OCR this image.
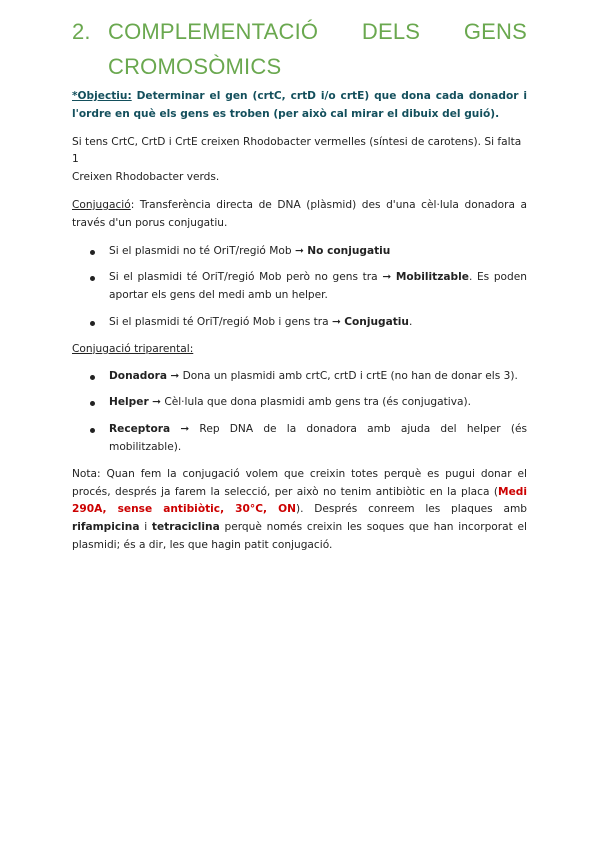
2. COMPLEMENTACIÓ DELS GENS
CROMOSÒMICS

*Objectiu: Determinar el gen (crtC, crtD i/o crtE) que dona cada donador i l'ordre en què els gens es troben (per això cal mirar el dibuix del guió).

Si tens CrtC, CrtD i CrtE creixen Rhodobacter vermelles (síntesi de carotens). Si falta 1
Creixen Rhodobacter verds.

Conjugació: Transferència directa de DNA (plàsmid) des d'una cèl·lula donadora a través d'un porus conjugatiu.

Si el plasmidi no té OriT/regió Mob ➞ No conjugatiu
Si el plasmidi té OriT/regió Mob però no gens tra ➞ Mobilitzable. Es poden aportar els gens del medi amb un helper.
Si el plasmidi té OriT/regió Mob i gens tra ➞ Conjugatiu.

Conjugació triparental:

Donadora ➞ Dona un plasmidi amb crtC, crtD i crtE (no han de donar els 3).
Helper ➞ Cèl·lula que dona plasmidi amb gens tra (és conjugativa).
Receptora ➞ Rep DNA de la donadora amb ajuda del helper (és mobilitzable).

Nota: Quan fem la conjugació volem que creixin totes perquè es pugui donar el procés, després ja farem la selecció, per això no tenim antibiòtic en la placa (Medi 290A, sense antibiòtic, 30°C, ON). Després conreem les plaques amb rifampicina i tetraciclina perquè només creixin les soques que han incorporat el plasmidi; és a dir, les que hagin patit conjugació.
